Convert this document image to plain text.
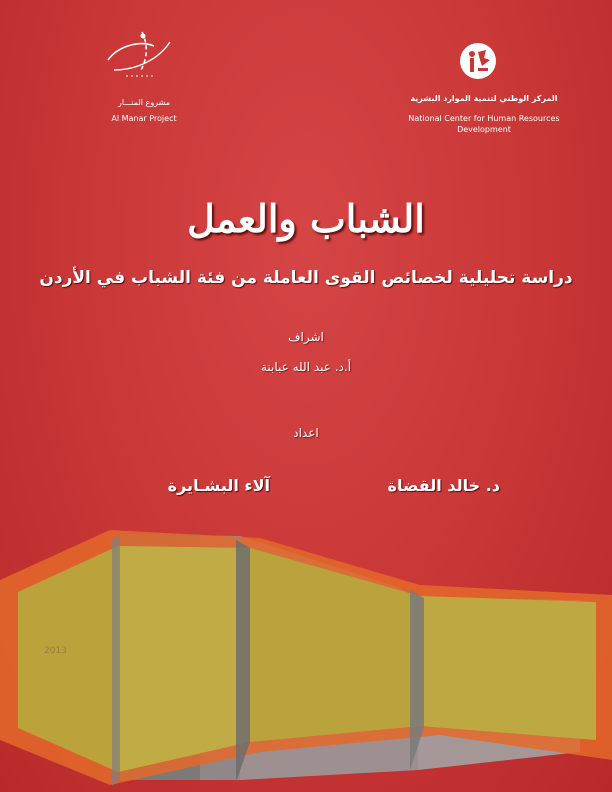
مشروع المنـــار
Al Manar Project
المركز الوطني لتنمية الموارد البشرية
National Center for Human Resources
Development
الشباب والعمل
دراسة تحليلية لخصائص القوى العاملة من فئة الشباب في الأردن
اشراف
أ.د. عبد الله عبابنة
اعداد
د. خالد القضاة
آلاء البشـايرة
2013
